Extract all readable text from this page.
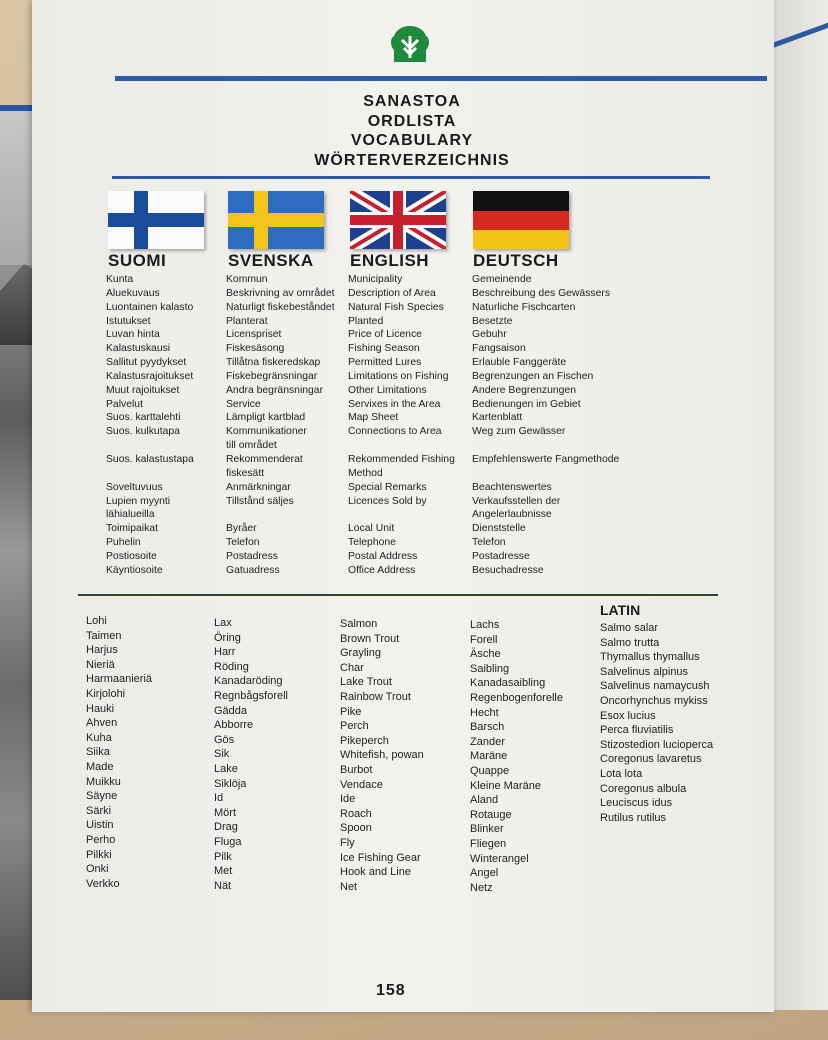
SANASTOA
ORDLISTA
VOCABULARY
WÖRTERVERZEICHNIS
SUOMI	SVENSKA ENGLISH	DEUTSCH
Kunta
Aluekuvaus
Luontainen kalasto
Istutukset
Luvan hinta
Kalastuskausi
Sallitut pyydykset
Kalastusrajoitukset
Muut rajoitukset
Palvelut
Suos. karttalehti
Suos. kulkutapa

Suos. kalastustapa

Soveltuvuus
Lupien myynti
lähialueilla
Toimipaikat
Puhelin
Postiosoite
Käyntiosoite
Kommun
Beskrivning av området
Naturligt fiskebeståndet
Planterat
Licenspriset
Fiskesäsong
Tillåtna fiskeredskap
Fiskebegränsningar
Andra begränsningar
Service
Lämpligt kartblad
Kommunikationer
till området
Rekommenderat
fiskesätt
Anmärkningar
Tillstånd säljes

Byråer
Telefon
Postadress
Gatuadress
Municipality
Description of Area
Natural Fish Species
Planted
Price of Licence
Fishing Season
Permitted Lures
Limitations on Fishing
Other Limitations
Servixes in the Area
Map Sheet
Connections to Area

Rekommended Fishing
Method
Special Remarks
Licences Sold by

Local Unit
Telephone
Postal Address
Office Address
Gemeinende
Beschreibung des Gewässers
Naturliche Fischcarten
Besetzte
Gebuhr
Fangsaison
Erlauble Fanggeräte
Begrenzungen an Fischen
Andere Begrenzungen
Bedienungen im Gebiet
Kartenblatt
Weg zum Gewässer

Empfehlenswerte Fangmethode

Beachtenswertes
Verkaufsstellen der
Angelerlaubnisse
Dienststelle
Telefon
Postadresse
Besuchadresse
LATIN
Lohi
Taimen
Harjus
Nieriä
Harmaanieriä
Kirjolohi
Hauki
Ahven
Kuha
Siika
Made
Muikku
Säyne
Särki
Uistin
Perho
Pilkki
Onki
Verkko
Lax
Öring
Harr
Röding
Kanadaröding
Regnbågsforell
Gädda
Abborre
Gös
Sik
Lake
Siklöja
Id
Mört
Drag
Fluga
Pilk
Met
Nät
Salmon
Brown Trout
Grayling
Char
Lake Trout
Rainbow Trout
Pike
Perch
Pikeperch
Whitefish, powan
Burbot
Vendace
Ide
Roach
Spoon
Fly
Ice Fishing Gear
Hook and Line
Net
Lachs
Forell
Äsche
Saibling
Kanadasaibling
Regenbogenforelle
Hecht
Barsch
Zander
Maräne
Quappe
Kleine Maräne
Aland
Rotauge
Blinker
Fliegen
Winterangel
Angel
Netz
Salmo salar
Salmo trutta
Thymallus thymallus
Salvelinus alpinus
Salvelinus namaycush
Oncorhynchus mykiss
Esox lucius
Perca fluviatilis
Stizostedion lucioperca
Coregonus lavaretus
Lota lota
Coregonus albula
Leuciscus idus
Rutilus rutilus
158
